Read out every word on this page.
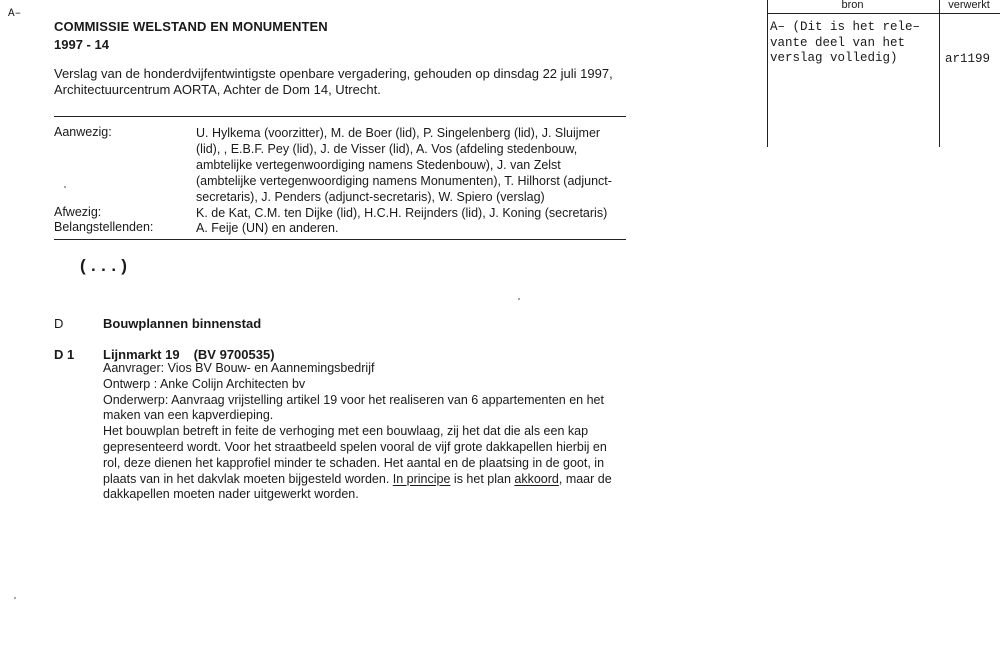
A–
COMMISSIE WELSTAND EN MONUMENTEN
1997 - 14
Verslag van de honderdvijfentwintigste openbare vergadering, gehouden op dinsdag 22 juli 1997,
Architectuurcentrum AORTA, Achter de Dom 14, Utrecht.
Aanwezig:	U. Hylkema (voorzitter), M. de Boer (lid), P. Singelenberg (lid), J. Sluijmer
(lid), , E.B.F. Pey (lid), J. de Visser (lid), A. Vos (afdeling stedenbouw,
ambtelijke vertegenwoordiging namens Stedenbouw), J. van Zelst
(ambtelijke vertegenwoordiging namens Monumenten), T. Hilhorst (adjunct-
secretaris), J. Penders (adjunct-secretaris), W. Spiero (verslag)
Afwezig:	K. de Kat, C.M. ten Dijke (lid), H.C.H. Reijnders (lid), J. Koning (secretaris)
Belangstellenden:	A. Feije (UN) en anderen.
(...)
D	Bouwplannen binnenstad
D 1 Lijnmarkt 19 (BV 9700535)
Aanvrager: Vios BV Bouw- en Aannemingsbedrijf
Ontwerp : Anke Colijn Architecten bv
Onderwerp: Aanvraag vrijstelling artikel 19 voor het realiseren van 6 appartementen en het
maken van een kapverdieping.
Het bouwplan betreft in feite de verhoging met een bouwlaag, zij het dat die als een kap
gepresenteerd wordt. Voor het straatbeeld spelen vooral de vijf grote dakkapellen hierbij en
rol, deze dienen het kapprofiel minder te schaden. Het aantal en de plaatsing in de goot, in
plaats van in het dakvlak moeten bijgesteld worden. In principe is het plan akkoord, maar de
dakkapellen moeten nader uitgewerkt worden.
bron	verwerkt
A– (Dit is het rele–
vante deel van het
verslag volledig)	ar1199
